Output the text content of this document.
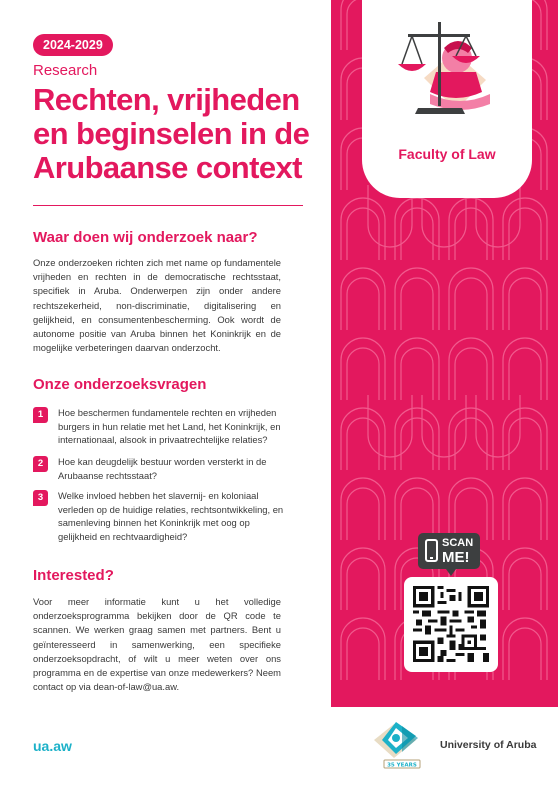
Faculty of Law
2024-2029
Research
Rechten, vrijheden en beginselen in de Arubaanse context
Waar doen wij onderzoek naar?
Onze onderzoeken richten zich met name op fundamentele vrijheden en rechten in de democratische rechtsstaat, specifiek in Aruba. Onderwerpen zijn onder andere rechtszekerheid, non-discriminatie, digitalisering en gelijkheid, en consumentenbescherming. Ook wordt de autonome positie van Aruba binnen het Koninkrijk en de mogelijke verbeteringen daarvan onderzocht.
Onze onderzoeksvragen
1	Hoe beschermen fundamentele rechten en vrijheden burgers in hun relatie met het Land, het Koninkrijk, en internationaal, alsook in privaatrechtelijke relaties?
2	Hoe kan deugdelijk bestuur worden versterkt in de Arubaanse rechtsstaat?
3	Welke invloed hebben het slavernij- en koloniaal verleden op de huidige relaties, rechtsontwikkeling, en samenleving binnen het Koninkrijk met oog op gelijkheid en rechtvaardigheid?
Interested?
Voor meer informatie kunt u het volledige onderzoeksprogramma bekijken door de QR code te scannen. We werken graag samen met partners. Bent u geïnteresseerd in samenwerking, een specifieke onderzoeksopdracht, of wilt u meer weten over ons programma en de expertise van onze medewerkers? Neem contact op via dean-of-law@ua.aw.
ua.aw
SCAN
ME!
35 YEARS
University of Aruba
